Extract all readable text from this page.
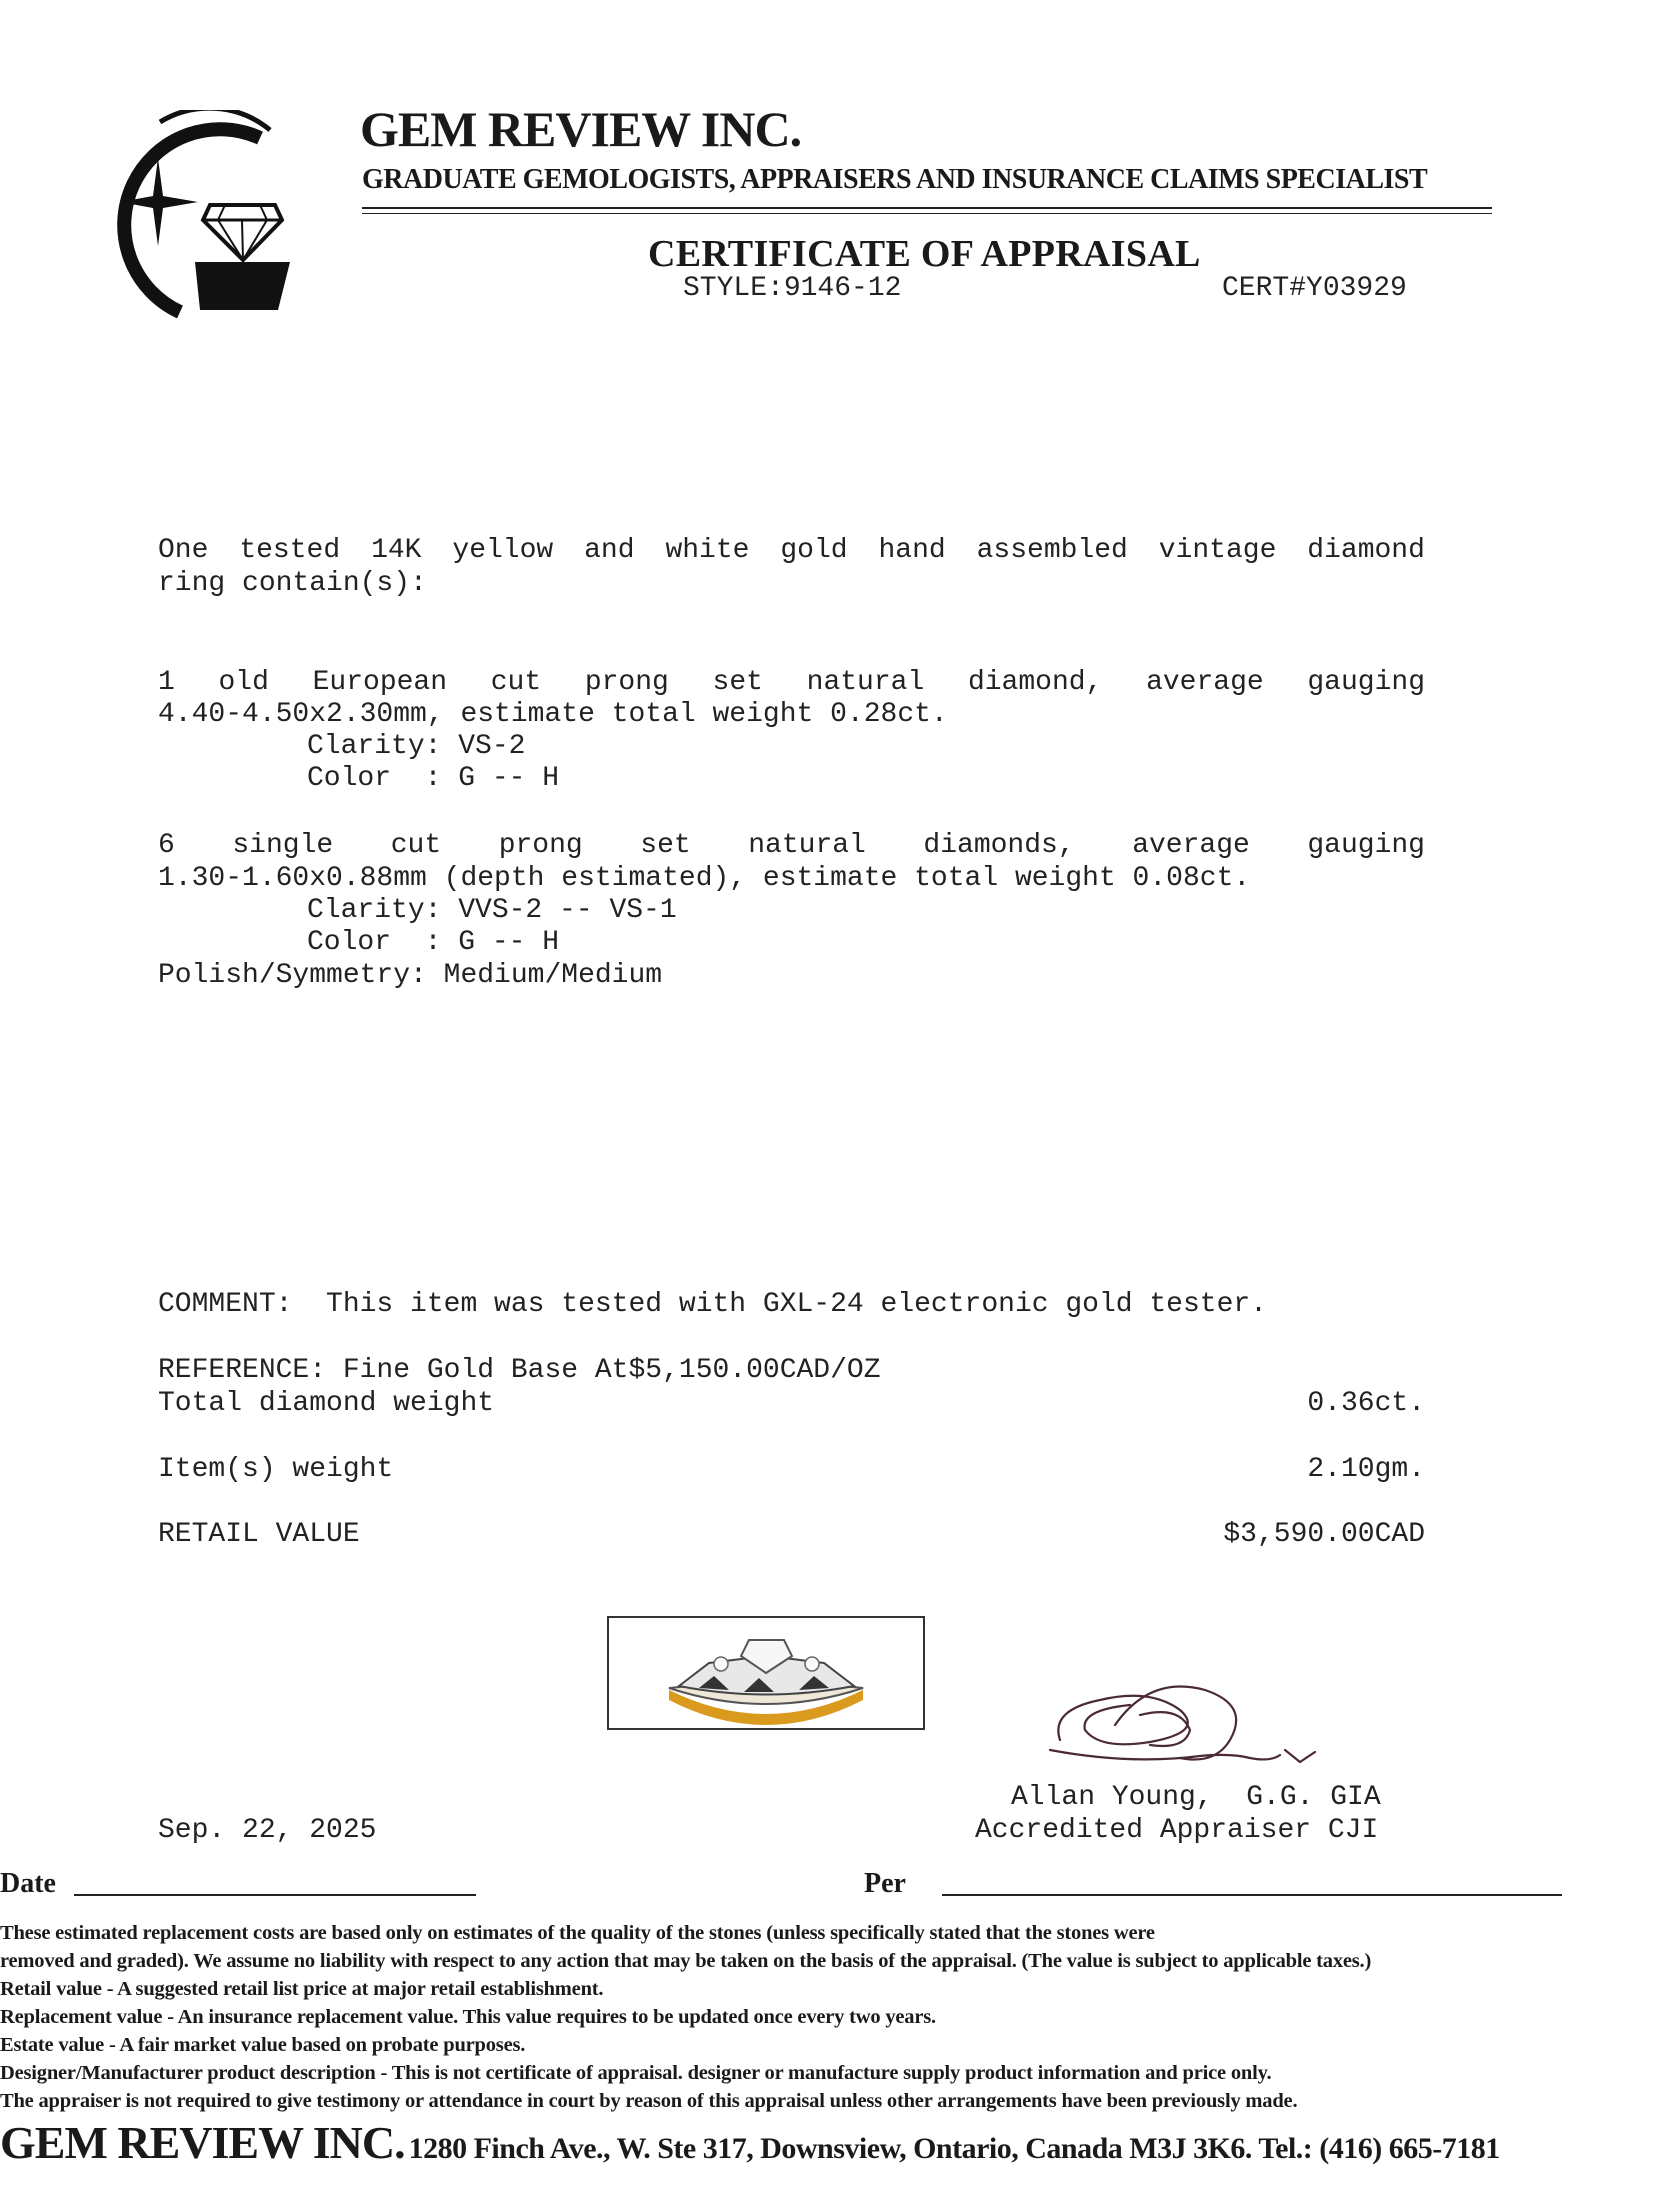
GEM REVIEW INC.
GRADUATE GEMOLOGISTS, APPRAISERS AND INSURANCE CLAIMS SPECIALIST
CERTIFICATE OF APPRAISAL
STYLE:9146-12	CERT#Y03929
One tested 14K yellow and white gold hand assembled vintage diamond
ring contain(s):
1 old European cut prong set natural diamond, average gauging
4.40-4.50x2.30mm, estimate total weight 0.28ct.
Clarity: VS-2
Color  : G -- H
6 single cut prong set natural diamonds, average gauging
1.30-1.60x0.88mm (depth estimated), estimate total weight 0.08ct.
Clarity: VVS-2 -- VS-1
Color  : G -- H
Polish/Symmetry: Medium/Medium
COMMENT:  This item was tested with GXL-24 electronic gold tester.
REFERENCE: Fine Gold Base At$5,150.00CAD/OZ
Total diamond weight	0.36ct.
Item(s) weight	2.10gm.
RETAIL VALUE	$3,590.00CAD
Allan Young,  G.G. GIA
Accredited Appraiser CJI
Sep. 22, 2025
Date	Per
These estimated replacement costs are based only on estimates of the quality of the stones (unless specifically stated that the stones were
removed and graded). We assume no liability with respect to any action that may be taken on the basis of the appraisal. (The value is subject to applicable taxes.)
Retail value - A suggested retail list price at major retail establishment.
Replacement value - An insurance replacement value. This value requires to be updated once every two years.
Estate value - A fair market value based on probate purposes.
Designer/Manufacturer product description - This is not certificate of appraisal. designer or manufacture supply product information and price only.
The appraiser is not required to give testimony or attendance in court by reason of this appraisal unless other arrangements have been previously made.
GEM REVIEW INC. 1280 Finch Ave., W. Ste 317, Downsview, Ontario, Canada M3J 3K6. Tel.: (416) 665-7181
